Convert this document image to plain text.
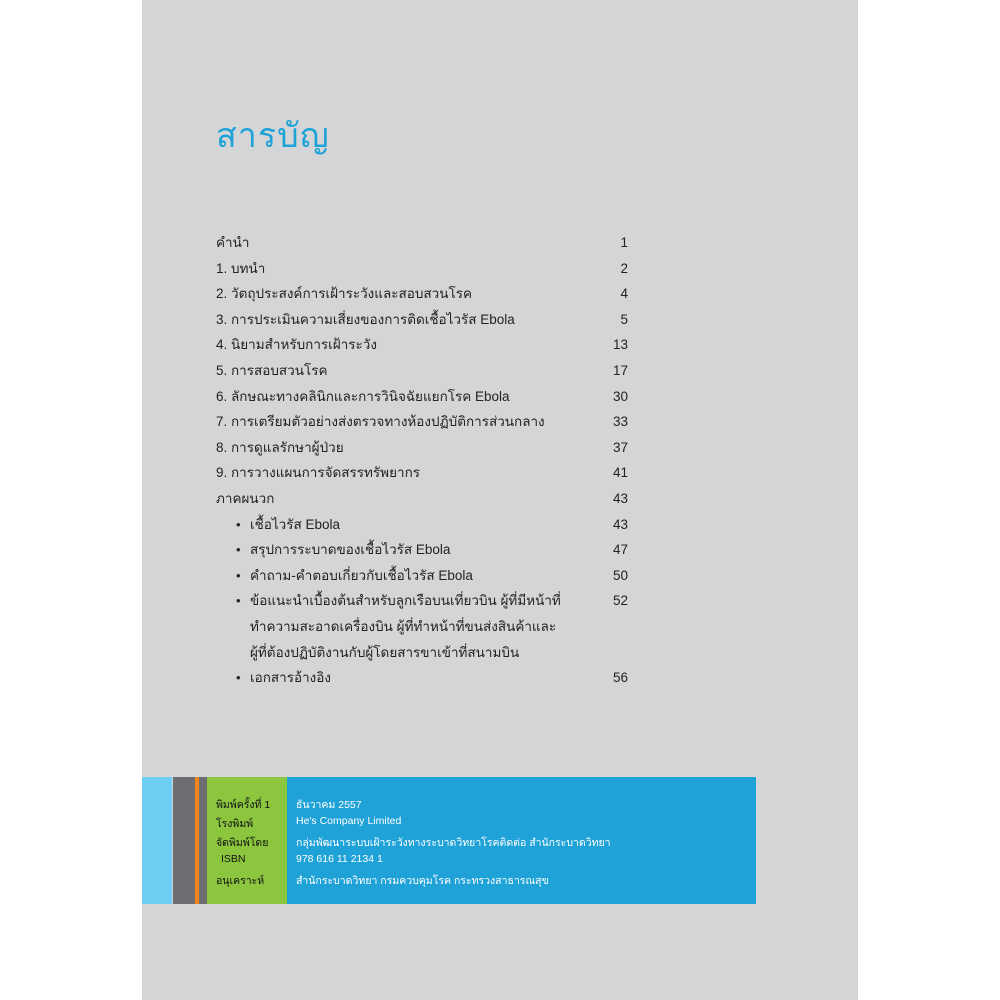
สารบัญ
คำนำ	1
1. บทนำ	2
2. วัตถุประสงค์การเฝ้าระวังและสอบสวนโรค	4
3. การประเมินความเสี่ยงของการติดเชื้อไวรัส Ebola	5
4. นิยามสำหรับการเฝ้าระวัง	13
5. การสอบสวนโรค	17
6. ลักษณะทางคลินิกและการวินิจฉัยแยกโรค Ebola	30
7. การเตรียมตัวอย่างส่งตรวจทางห้องปฏิบัติการส่วนกลาง	33
8. การดูแลรักษาผู้ป่วย	37
9. การวางแผนการจัดสรรทรัพยากร	41
ภาคผนวก	43
• เชื้อไวรัส Ebola	43
• สรุปการระบาดของเชื้อไวรัส Ebola	47
• คำถาม-คำตอบเกี่ยวกับเชื้อไวรัส Ebola	50
• ข้อแนะนำเบื้องต้นสำหรับลูกเรือบนเที่ยวบิน ผู้ที่มีหน้าที่	52
ทำความสะอาดเครื่องบิน ผู้ที่ทำหน้าที่ขนส่งสินค้าและ
ผู้ที่ต้องปฏิบัติงานกับผู้โดยสารขาเข้าที่สนามบิน
• เอกสารอ้างอิง	56
พิมพ์ครั้งที่ 1 ธันวาคม 2557
โรงพิมพ์	He's Company Limited
จัดพิมพ์โดย	กลุ่มพัฒนาระบบเฝ้าระวังทางระบาดวิทยาโรคติดต่อ สำนักระบาดวิทยา
ISBN	978 616 11 2134 1
อนุเคราะห์	สำนักระบาดวิทยา กรมควบคุมโรค กระทรวงสาธารณสุข
